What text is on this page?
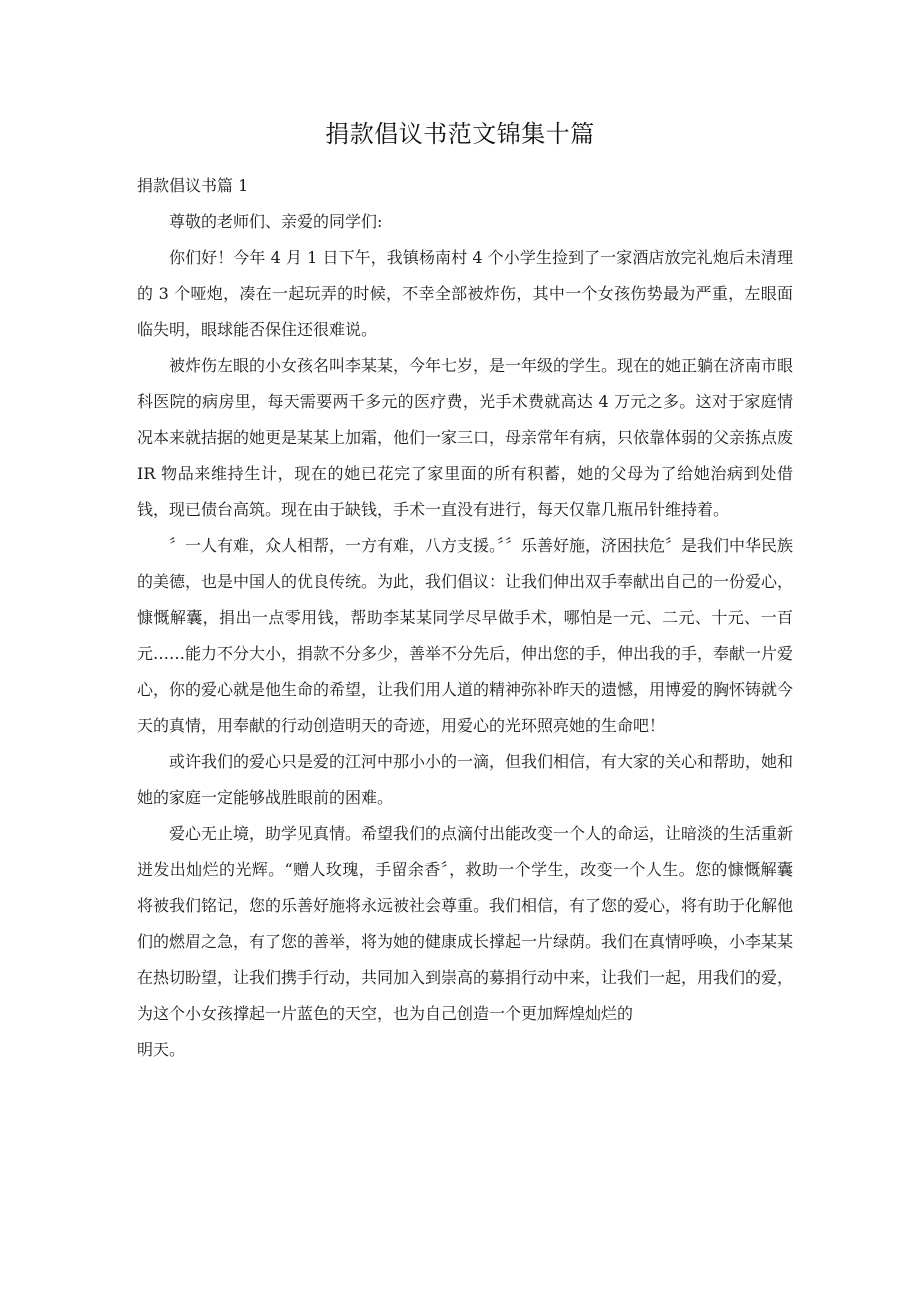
捐款倡议书范文锦集十篇

捐款倡议书篇 1

尊敬的老师们、亲爱的同学们:

你们好！今年 4 月 1 日下午，我镇杨南村 4 个小学生捡到了一家酒店放完礼炮后未清理的 3 个哑炮，凑在一起玩弄的时候，不幸全部被炸伤，其中一个女孩伤势最为严重，左眼面临失明，眼球能否保住还很难说。

被炸伤左眼的小女孩名叫李某某，今年七岁，是一年级的学生。现在的她正躺在济南市眼科医院的病房里，每天需要两千多元的医疗费，光手术费就高达 4 万元之多。这对于家庭情况本来就拮据的她更是某某上加霜，他们一家三口，母亲常年有病，只依靠体弱的父亲拣点废 IR 物品来维持生计，现在的她已花完了家里面的所有积蓄，她的父母为了给她治病到处借钱，现已债台高筑。现在由于缺钱，手术一直没有进行，每天仅靠几瓶吊针维持着。

〞一人有难，众人相帮，一方有难，八方支援。〞〞乐善好施，济困扶危〞是我们中华民族的美德，也是中国人的优良传统。为此，我们倡议：让我们伸出双手奉献出自己的一份爱心，慷慨解囊，捐出一点零用钱，帮助李某某同学尽早做手术，哪怕是一元、二元、十元、一百元……能力不分大小，捐款不分多少，善举不分先后，伸出您的手，伸出我的手，奉献一片爱心，你的爱心就是他生命的希望，让我们用人道的精神弥补昨天的遗憾，用博爱的胸怀铸就今天的真情，用奉献的行动创造明天的奇迹，用爱心的光环照亮她的生命吧！

或许我们的爱心只是爱的江河中那小小的一滴，但我们相信，有大家的关心和帮助，她和她的家庭一定能够战胜眼前的困难。

爱心无止境，助学见真情。希望我们的点滴付出能改变一个人的命运，让暗淡的生活重新迸发出灿烂的光辉。“赠人玫瑰，手留余香〞，救助一个学生，改变一个人生。您的慷慨解囊将被我们铭记，您的乐善好施将永远被社会尊重。我们相信，有了您的爱心，将有助于化解他们的燃眉之急，有了您的善举，将为她的健康成长撑起一片绿荫。我们在真情呼唤，小李某某在热切盼望，让我们携手行动，共同加入到崇高的募捐行动中来，让我们一起，用我们的爱，为这个小女孩撑起一片蓝色的天空，也为自己创造一个更加辉煌灿烂的

明天。
